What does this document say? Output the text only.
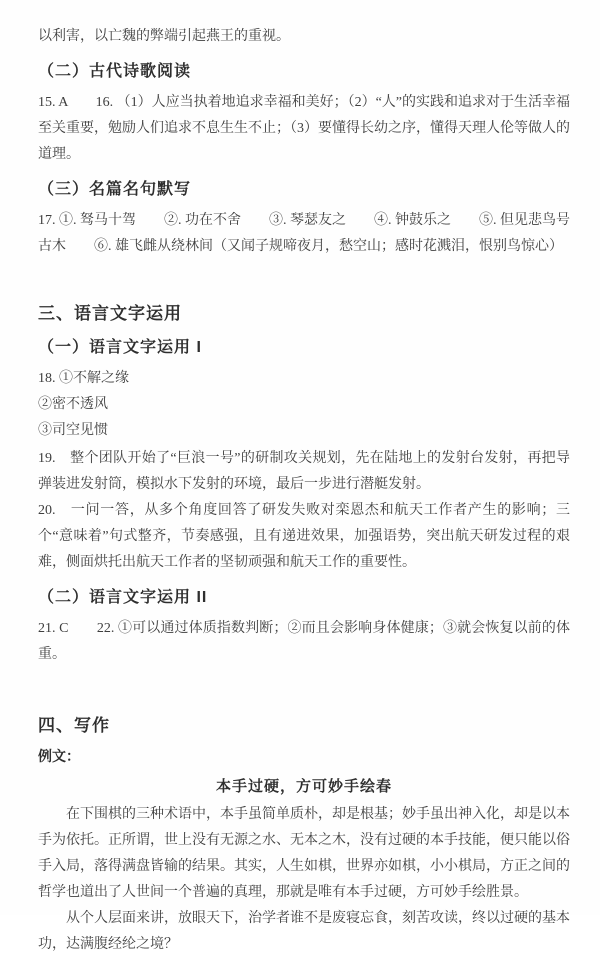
以利害，以亡魏的弊端引起燕王的重视。

（二）古代诗歌阅读

15. A　　16. （1）人应当执着地追求幸福和美好；（2）“人”的实践和追求对于生活幸福至关重要，勉励人们追求不息生生不止；（3）要懂得长幼之序，懂得天理人伦等做人的道理。

（三）名篇名句默写

17. ①. 驽马十驾　　②. 功在不舍　　③. 琴瑟友之　　④. 钟鼓乐之　　⑤. 但见悲鸟号古木　　⑥. 雄飞雌从绕林间（又闻子规啼夜月，愁空山；感时花溅泪，恨别鸟惊心）

三、语言文字运用
（一）语言文字运用 I

18. ①不解之缘

②密不透风

③司空见惯

19.　整个团队开始了“巨浪一号”的研制攻关规划，先在陆地上的发射台发射，再把导弹装进发射筒，模拟水下发射的环境，最后一步进行潜艇发射。

20.　一问一答，从多个角度回答了研发失败对栾恩杰和航天工作者产生的影响；三个“意味着”句式整齐，节奏感强，且有递进效果，加强语势，突出航天研发过程的艰难，侧面烘托出航天工作者的坚韧顽强和航天工作的重要性。

（二）语言文字运用 II

21. C　　22. ①可以通过体质指数判断；②而且会影响身体健康；③就会恢复以前的体重。

四、写作

例文：

本手过硬，方可妙手绘春

在下围棋的三种术语中，本手虽简单质朴，却是根基；妙手虽出神入化，却是以本手为依托。正所谓，世上没有无源之水、无本之木，没有过硬的本手技能，便只能以俗手入局，落得满盘皆输的结果。其实，人生如棋，世界亦如棋，小小棋局，方正之间的哲学也道出了人世间一个普遍的真理，那就是唯有本手过硬，方可妙手绘胜景。

从个人层面来讲，放眼天下，治学者谁不是废寝忘食，刻苦攻读，终以过硬的基本功，达满腹经纶之境？
